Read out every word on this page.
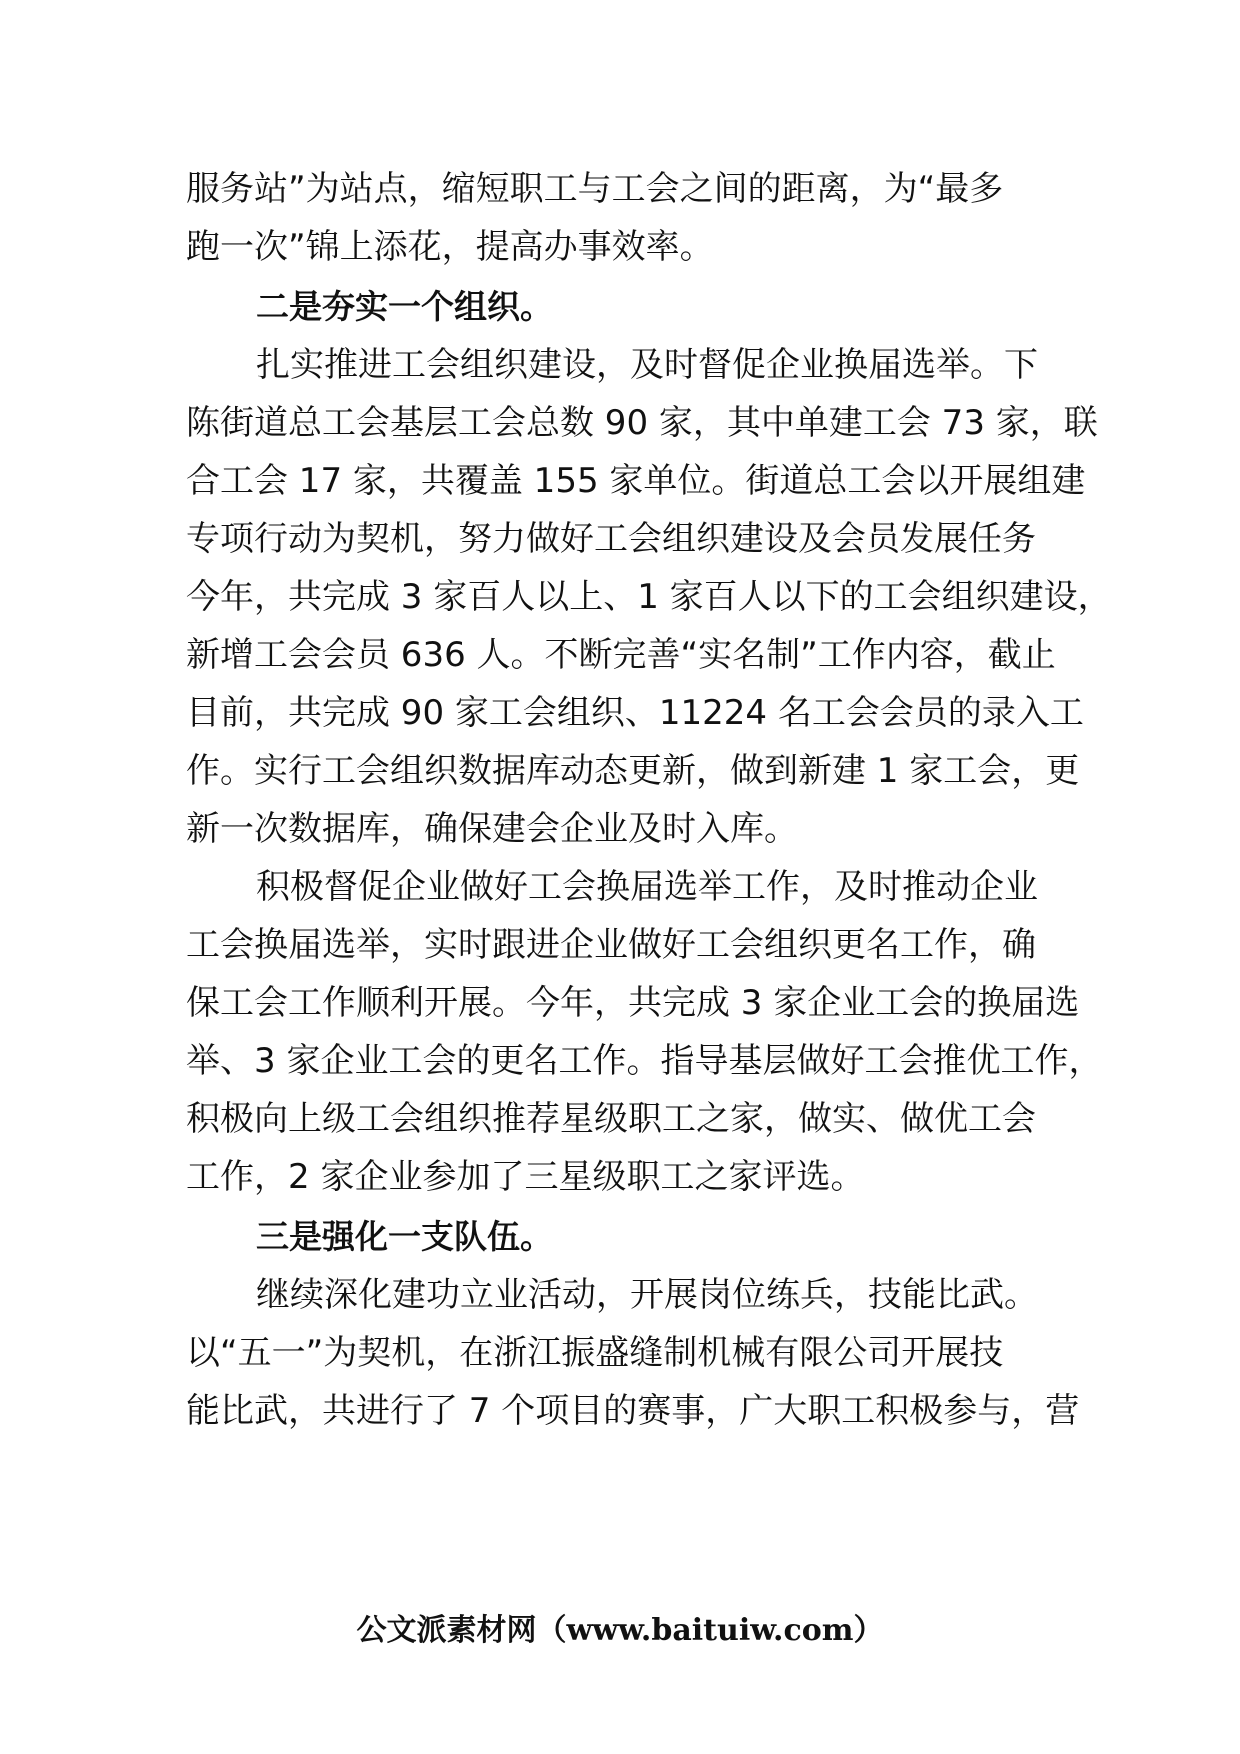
服务站”为站点，缩短职工与工会之间的距离，为“最多
跑一次”锦上添花，提高办事效率。
二是夯实一个组织。
扎实推进工会组织建设，及时督促企业换届选举。下
陈街道总工会基层工会总数 90 家，其中单建工会 73 家，联
合工会 17 家，共覆盖 155 家单位。街道总工会以开展组建
专项行动为契机，努力做好工会组织建设及会员发展任务
今年，共完成 3 家百人以上、1 家百人以下的工会组织建设，
新增工会会员 636 人。不断完善“实名制”工作内容，截止
目前，共完成 90 家工会组织、11224 名工会会员的录入工
作。实行工会组织数据库动态更新，做到新建 1 家工会，更
新一次数据库，确保建会企业及时入库。
积极督促企业做好工会换届选举工作，及时推动企业
工会换届选举，实时跟进企业做好工会组织更名工作，确
保工会工作顺利开展。今年，共完成 3 家企业工会的换届选
举、3 家企业工会的更名工作。指导基层做好工会推优工作，
积极向上级工会组织推荐星级职工之家，做实、做优工会
工作，2 家企业参加了三星级职工之家评选。
三是强化一支队伍。
继续深化建功立业活动，开展岗位练兵，技能比武。
以“五一”为契机，在浙江振盛缝制机械有限公司开展技
能比武，共进行了 7 个项目的赛事，广大职工积极参与，营
公文派素材网（www.baituiw.com）
